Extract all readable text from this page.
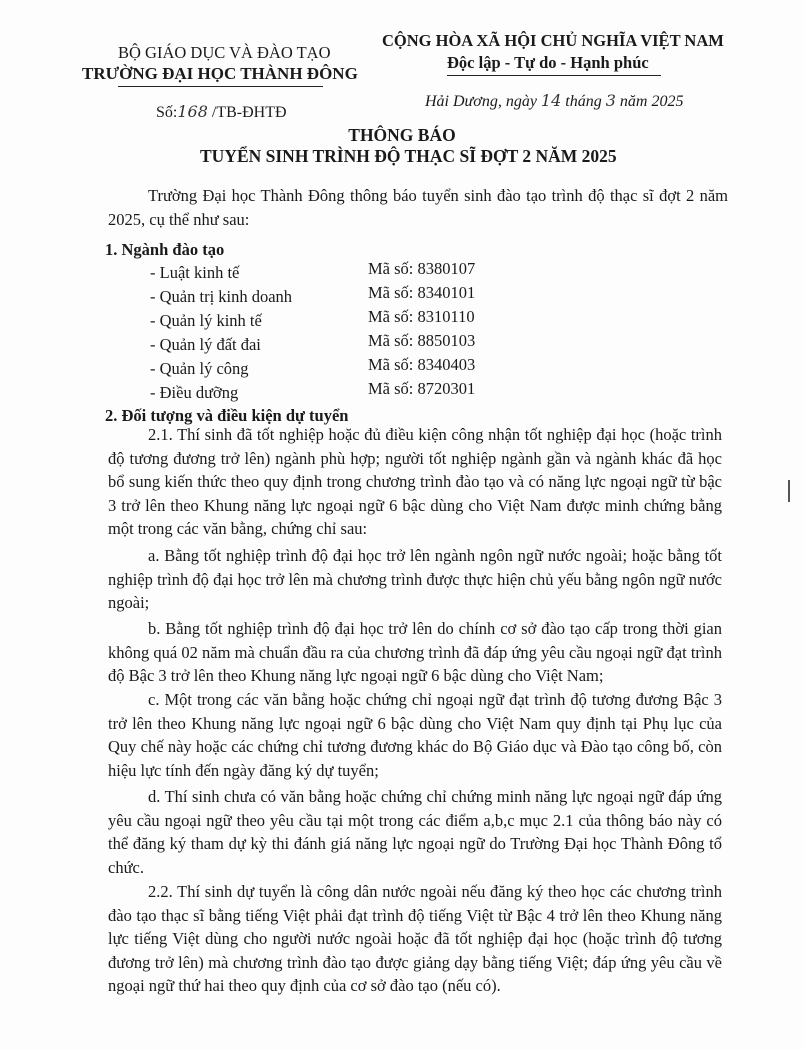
BỘ GIÁO DỤC VÀ ĐÀO TẠO
TRƯỜNG ĐẠI HỌC THÀNH ĐÔNG
CỘNG HÒA XÃ HỘI CHỦ NGHĨA VIỆT NAM
Độc lập - Tự do - Hạnh phúc
Số:168 /TB-ĐHTĐ
Hải Dương, ngày 14 tháng 3 năm 2025
THÔNG BÁO
TUYỂN SINH TRÌNH ĐỘ THẠC SĨ ĐỢT 2 NĂM 2025
Trường Đại học Thành Đông thông báo tuyển sinh đào tạo trình độ thạc sĩ đợt 2 năm 2025, cụ thể như sau:
1. Ngành đào tạo
- Luật kinh tế	Mã số: 8380107
- Quản trị kinh doanh	Mã số: 8340101
- Quản lý kinh tế	Mã số: 8310110
- Quản lý đất đai	Mã số: 8850103
- Quản lý công	Mã số: 8340403
- Điều dưỡng	Mã số: 8720301
2. Đối tượng và điều kiện dự tuyển
2.1. Thí sinh đã tốt nghiệp hoặc đủ điều kiện công nhận tốt nghiệp đại học (hoặc trình độ tương đương trở lên) ngành phù hợp; người tốt nghiệp ngành gần và ngành khác đã học bổ sung kiến thức theo quy định trong chương trình đào tạo và có năng lực ngoại ngữ từ bậc 3 trở lên theo Khung năng lực ngoại ngữ 6 bậc dùng cho Việt Nam được minh chứng bằng một trong các văn bằng, chứng chỉ sau:
a. Bằng tốt nghiệp trình độ đại học trở lên ngành ngôn ngữ nước ngoài; hoặc bằng tốt nghiệp trình độ đại học trở lên mà chương trình được thực hiện chủ yếu bằng ngôn ngữ nước ngoài;
b. Bằng tốt nghiệp trình độ đại học trở lên do chính cơ sở đào tạo cấp trong thời gian không quá 02 năm mà chuẩn đầu ra của chương trình đã đáp ứng yêu cầu ngoại ngữ đạt trình độ Bậc 3 trở lên theo Khung năng lực ngoại ngữ 6 bậc dùng cho Việt Nam;
c. Một trong các văn bằng hoặc chứng chỉ ngoại ngữ đạt trình độ tương đương Bậc 3 trở lên theo Khung năng lực ngoại ngữ 6 bậc dùng cho Việt Nam quy định tại Phụ lục của Quy chế này hoặc các chứng chỉ tương đương khác do Bộ Giáo dục và Đào tạo công bố, còn hiệu lực tính đến ngày đăng ký dự tuyển;
d. Thí sinh chưa có văn bằng hoặc chứng chỉ chứng minh năng lực ngoại ngữ đáp ứng yêu cầu ngoại ngữ theo yêu cầu tại một trong các điểm a,b,c mục 2.1 của thông báo này có thể đăng ký tham dự kỳ thi đánh giá năng lực ngoại ngữ do Trường Đại học Thành Đông tổ chức.
2.2. Thí sinh dự tuyển là công dân nước ngoài nếu đăng ký theo học các chương trình đào tạo thạc sĩ bằng tiếng Việt phải đạt trình độ tiếng Việt từ Bậc 4 trở lên theo Khung năng lực tiếng Việt dùng cho người nước ngoài hoặc đã tốt nghiệp đại học (hoặc trình độ tương đương trở lên) mà chương trình đào tạo được giảng dạy bằng tiếng Việt; đáp ứng yêu cầu về ngoại ngữ thứ hai theo quy định của cơ sở đào tạo (nếu có).
